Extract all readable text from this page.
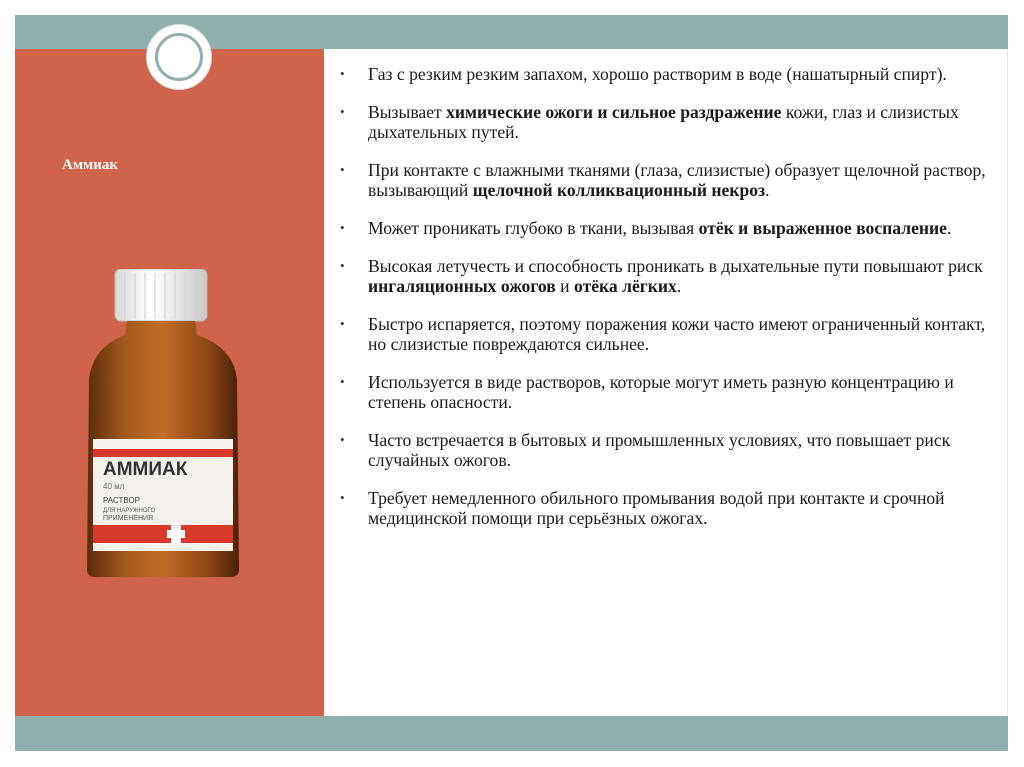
Аммиак
АММИАК
40 мл
РАСТВОР
ДЛЯ НАРУЖНОГО
ПРИМЕНЕНИЯ
• Газ с резким резким запахом, хорошо растворим в воде (нашатырный спирт).
• Вызывает химические ожоги и сильное раздражение кожи, глаз и слизистых дыхательных путей.
• При контакте с влажными тканями (глаза, слизистые) образует щелочной раствор, вызывающий щелочной колликвационный некроз.
• Может проникать глубоко в ткани, вызывая отёк и выраженное воспаление.
• Высокая летучесть и способность проникать в дыхательные пути повышают риск ингаляционных ожогов и отёка лёгких.
• Быстро испаряется, поэтому поражения кожи часто имеют ограниченный контакт, но слизистые повреждаются сильнее.
• Используется в виде растворов, которые могут иметь разную концентрацию и степень опасности.
• Часто встречается в бытовых и промышленных условиях, что повышает риск случайных ожогов.
• Требует немедленного обильного промывания водой при контакте и срочной медицинской помощи при серьёзных ожогах.
